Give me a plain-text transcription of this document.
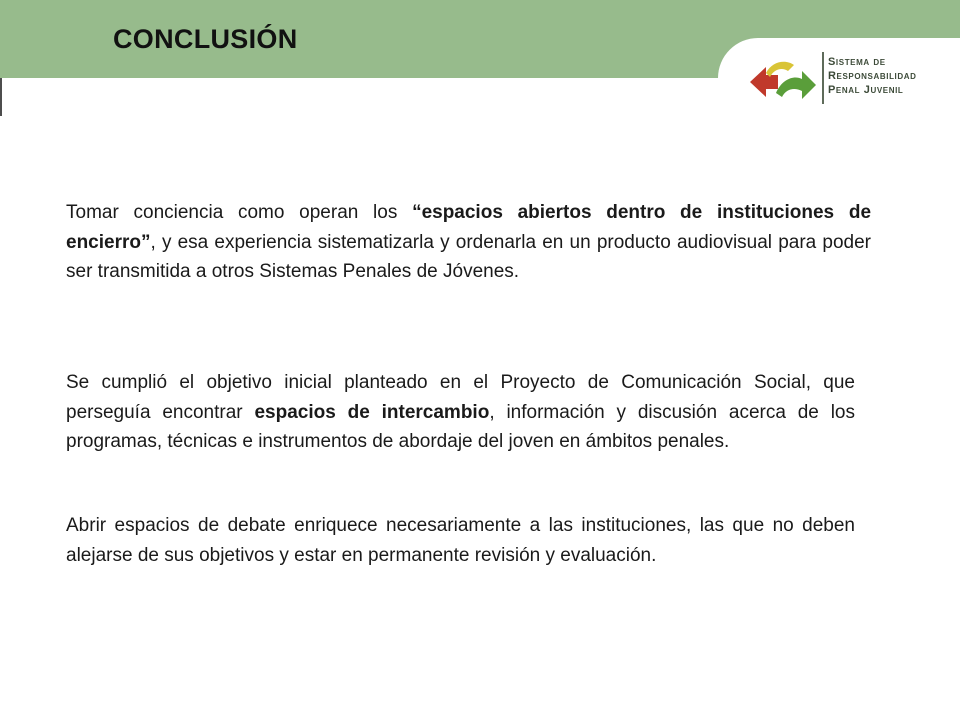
CONCLUSIÓN
Sistema de
Responsabilidad
Penal Juvenil

Tomar conciencia como operan los “espacios abiertos dentro de instituciones de encierro”, y esa experiencia sistematizarla y ordenarla en un producto audiovisual para poder ser transmitida a otros Sistemas Penales de Jóvenes.

Se cumplió el objetivo inicial planteado en el Proyecto de Comunicación Social, que perseguía encontrar espacios de intercambio, información y discusión acerca de los programas, técnicas e instrumentos de abordaje del joven en ámbitos penales.

Abrir espacios de debate enriquece necesariamente a las instituciones, las que no deben alejarse de sus objetivos y estar en permanente revisión y evaluación.
